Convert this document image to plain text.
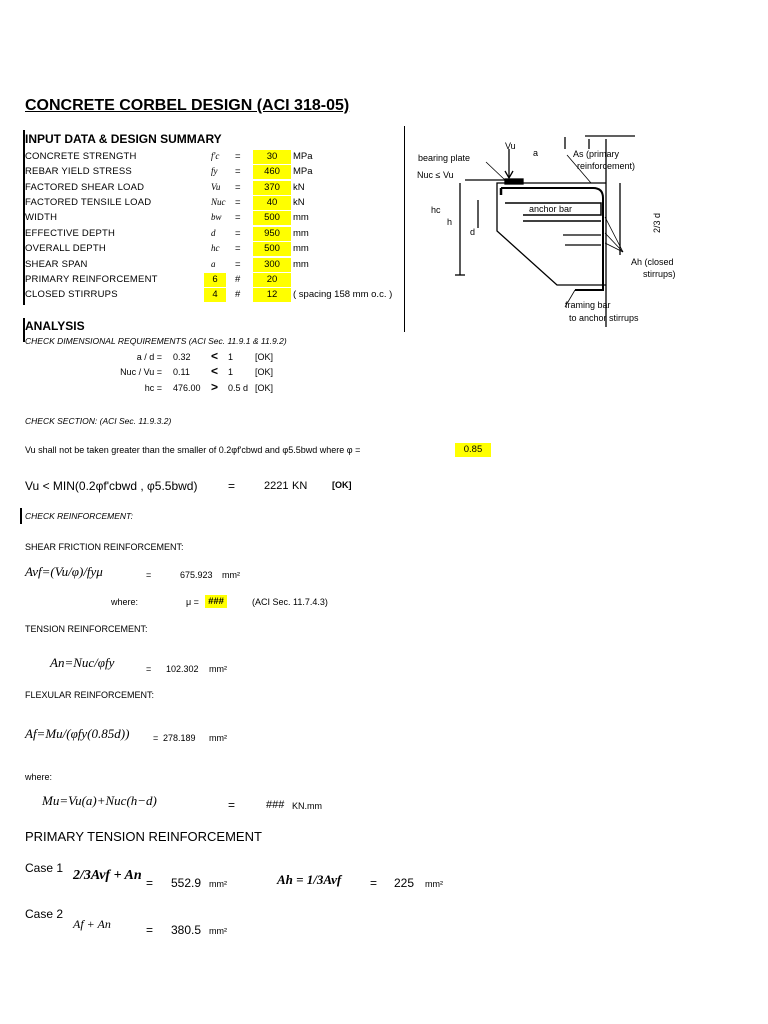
CONCRETE CORBEL DESIGN (ACI 318-05)
INPUT DATA & DESIGN SUMMARY
CONCRETE STRENGTH	f'c =	30	MPa
REBAR YIELD STRESS	fy =	460	MPa
FACTORED SHEAR LOAD	Vu =	370	kN
FACTORED TENSILE LOAD	Nuc =	40	kN
WIDTH	bw =	500	mm
EFFECTIVE DEPTH	d =	950	mm
OVERALL DEPTH	hc =	500	mm
SHEAR SPAN	a =	300	mm
PRIMARY REINFORCEMENT	6	#	20
CLOSED STIRRUPS	4	#	12	( spacing 158 mm o.c. )
Vu
a
bearing plate
Nuc ≤ Vu
As (primary
reinforcement)
anchor bar
hc
h
d	2/3 d
Ah (closed
stirrups)
framing bar
to anchor stirrups
ANALYSIS
CHECK DIMENSIONAL REQUIREMENTS (ACI Sec. 11.9.1 & 11.9.2)
a / d = 0.32 < 1 [OK]
Nuc / Vu = 0.11 < 1 [OK]
hc = 476.00 > 0.5 d [OK]
CHECK SECTION: (ACI Sec. 11.9.3.2)
Vu shall not be taken greater than the smaller of 0.2φf'cbwd and φ5.5bwd where φ =	0.85
Vu < MIN(0.2φf'cbwd , φ5.5bwd)	=	2221 KN	[OK]
CHECK REINFORCEMENT:
SHEAR FRICTION REINFORCEMENT:
Avf=(Vu/φ)/fyμ	=	675.923 mm²
where:	μ = ###	(ACI Sec. 11.7.4.3)
TENSION REINFORCEMENT:
An=Nuc/φfy	= 102.302 mm²
FLEXULAR REINFORCEMENT:
Af=Mu/(φfy(0.85d))	= 278.189 mm²
where:
Mu=Vu(a)+Nuc(h−d)	=	### KN.mm
PRIMARY TENSION REINFORCEMENT
Case 1 2/3Avf + An = 552.9 mm²	Ah = 1/3Avf = 225 mm²
Case 2
Af + An	= 380.5 mm²
